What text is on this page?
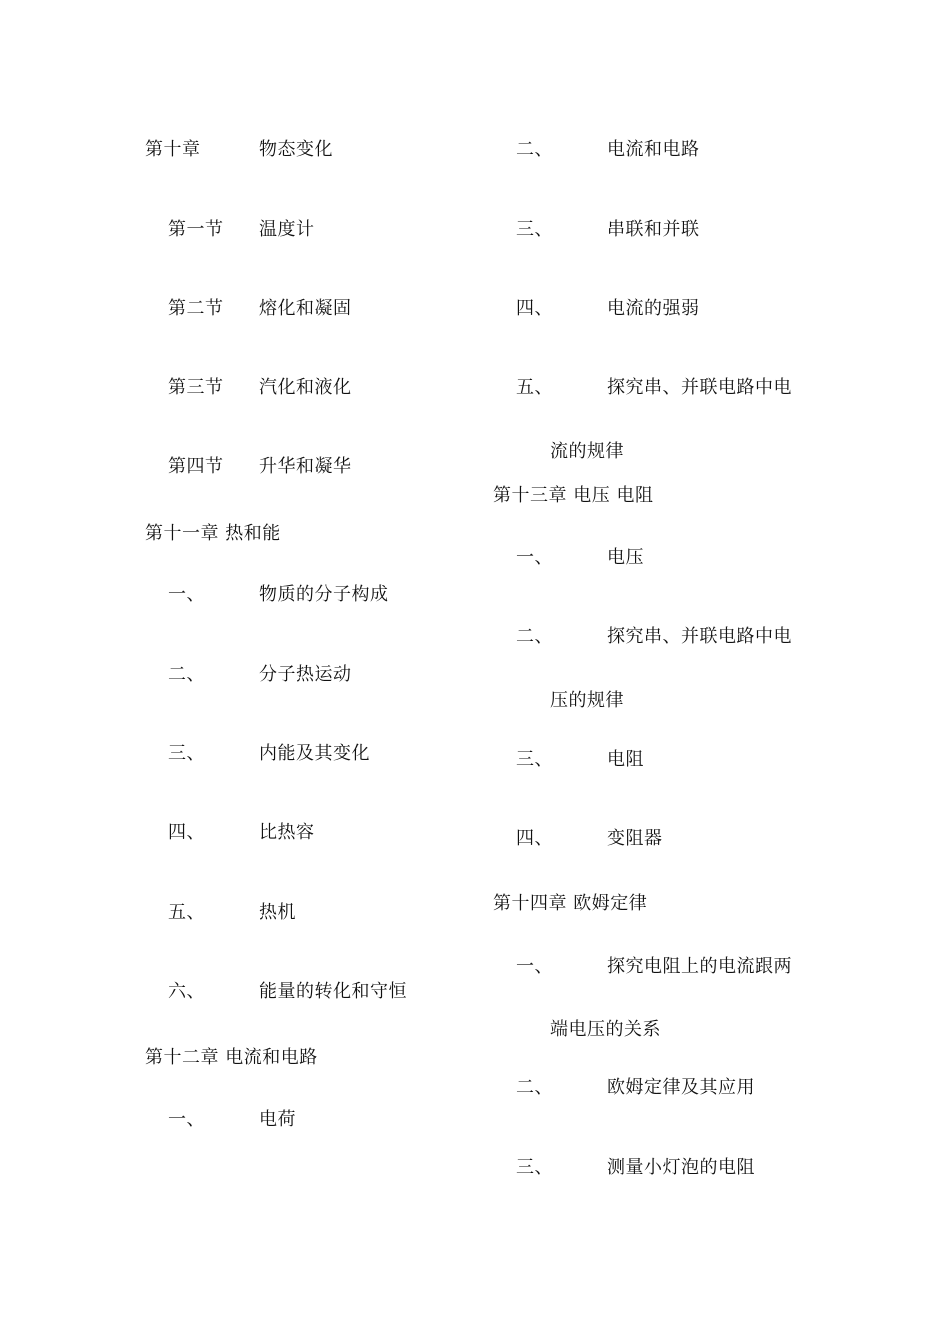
第十章	物态变化
第一节 温度计
第二节 熔化和凝固
第三节 汽化和液化
第四节 升华和凝华
第十一章 热和能
一、	物质的分子构成
二、	分子热运动
三、	内能及其变化
四、	比热容
五、	热机
六、	能量的转化和守恒
第十二章 电流和电路
一、	电荷
二、	电流和电路
三、	串联和并联
四、	电流的强弱
五、	探究串、并联电路中电
流的规律
第十三章 电压 电阻
一、	电压
二、	探究串、并联电路中电
压的规律
三、	电阻
四、	变阻器
第十四章 欧姆定律
一、	探究电阻上的电流跟两
端电压的关系
二、	欧姆定律及其应用
三、	测量小灯泡的电阻
